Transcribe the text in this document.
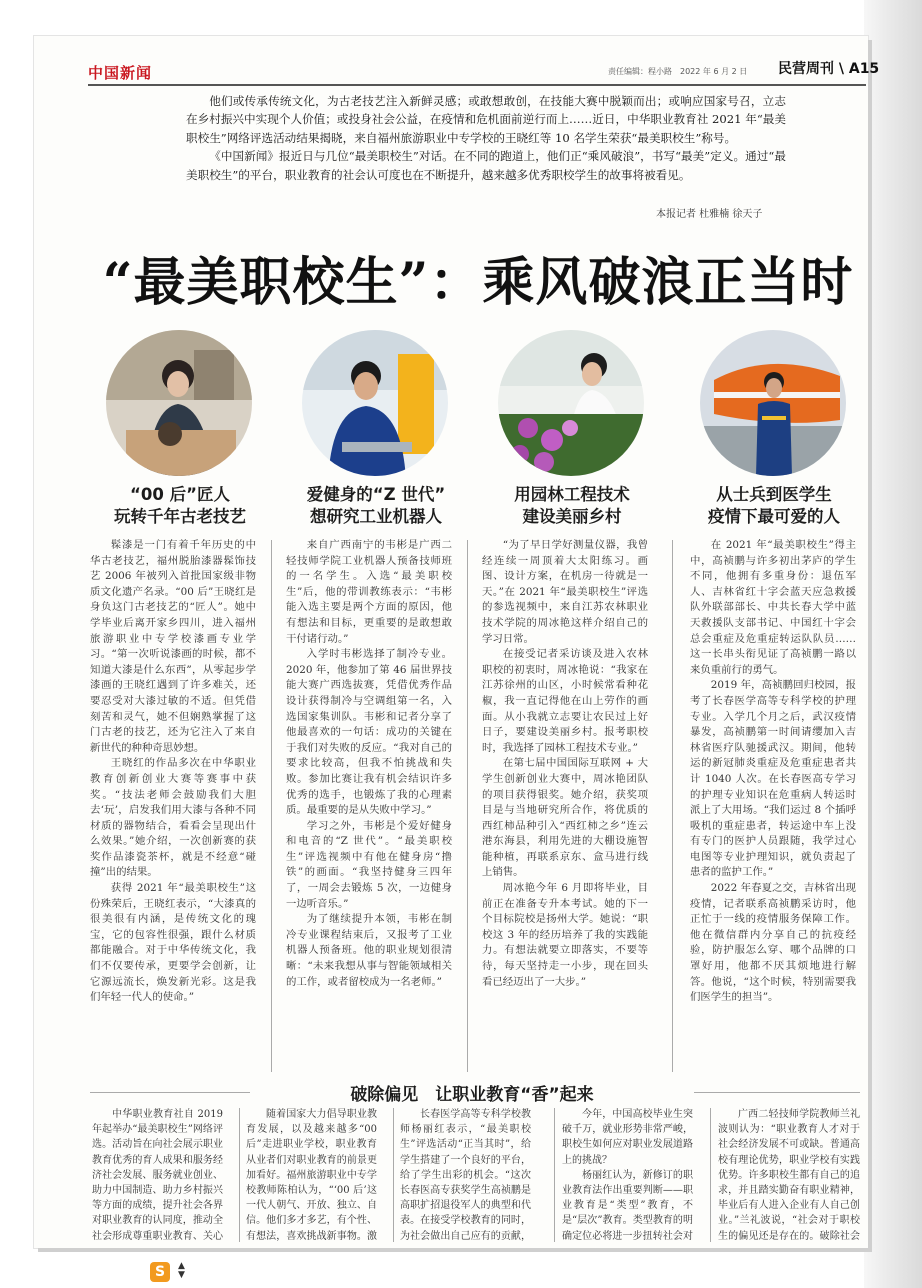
中国新闻	责任编辑：程小路　2022 年 6 月 2 日 民营周刊 \ A15

他们或传承传统文化，为古老技艺注入新鲜灵感；或敢想敢创，在技能大赛中脱颖而出；或响应国家号召，立志在乡村振兴中实现个人价值；或投身社会公益，在疫情和危机面前逆行而上……近日，中华职业教育社 2021 年“最美职校生”网络评选活动结果揭晓，来自福州旅游职业中专学校的王晓红等 10 名学生荣获“最美职校生”称号。

《中国新闻》报近日与几位“最美职校生”对话。在不同的跑道上，他们正“乘风破浪”，书写“最美”定义。通过“最美职校生”的平台，职业教育的社会认可度也在不断提升，越来越多优秀职校学生的故事将被看见。

本报记者 杜雅楠 徐天子
“最美职校生”：乘风破浪正当时
“00 后”匠人
玩转千年古老技艺
爱健身的“Z 世代”
想研究工业机器人
用园林工程技术
建设美丽乡村
从士兵到医学生
疫情下最可爱的人

髹漆是一门有着千年历史的中华古老技艺，福州脱胎漆器髹饰技艺 2006 年被列入首批国家级非物质文化遗产名录。“00 后”王晓红是身负这门古老技艺的“匠人”。她中学毕业后离开家乡四川，进入福州旅游职业中专学校漆画专业学习。“第一次听说漆画的时候，都不知道大漆是什么东西”，从零起步学漆画的王晓红遇到了许多难关，还要忍受对大漆过敏的不适。但凭借刻苦和灵气，她不但娴熟掌握了这门古老的技艺，还为它注入了来自新世代的种种奇思妙想。

王晓红的作品多次在中华职业教育创新创业大赛等赛事中获奖。“技法老师会鼓励我们大胆去‘玩’，启发我们用大漆与各种不同材质的器物结合，看看会呈现出什么效果。”她介绍，一次创新赛的获奖作品漆瓷茶杯，就是不经意“碰撞”出的结果。

获得 2021 年“最美职校生”这份殊荣后，王晓红表示，“大漆真的很美很有内涵，是传统文化的瑰宝，它的包容性很强，跟什么材质都能融合。对于中华传统文化，我们不仅要传承，更要学会创新，让它源远流长，焕发新光彩。这是我们年轻一代人的使命。”

来自广西南宁的韦彬是广西二轻技师学院工业机器人预备技师班的一名学生。入选“最美职校生”后，他的带训教练表示：“韦彬能入选主要是两个方面的原因，他有想法和目标，更重要的是敢想敢干付诸行动。”

入学时韦彬选择了制冷专业。2020 年，他参加了第 46 届世界技能大赛广西选拔赛，凭借优秀作品设计获得制冷与空调组第一名，入选国家集训队。韦彬和记者分享了他最喜欢的一句话：成功的关键在于我们对失败的反应。“我对自己的要求比较高，但我不怕挑战和失败。参加比赛让我有机会结识许多优秀的选手，也锻炼了我的心理素质。最重要的是从失败中学习。”

学习之外，韦彬是个爱好健身和电音的“Z 世代”。“最美职校生”评选视频中有他在健身房“撸铁”的画面。“我坚持健身三四年了，一周会去锻炼 5 次，一边健身一边听音乐。”

为了继续提升本领，韦彬在制冷专业课程结束后，又报考了工业机器人预备班。他的职业规划很清晰：“未来我想从事与智能领域相关的工作，或者留校成为一名老师。”

“为了早日学好测量仪器，我曾经连续一周顶着大太阳练习。画图、设计方案，在机房一待就是一天。”在 2021 年“最美职校生”评选的参选视频中，来自江苏农林职业技术学院的周冰艳这样介绍自己的学习日常。

在接受记者采访谈及进入农林职校的初衷时，周冰艳说：“我家在江苏徐州的山区，小时候常看种花椒，我一直记得他在山上劳作的画面。从小我就立志要让农民过上好日子，要建设美丽乡村。报考职校时，我选择了园林工程技术专业。”

在第七届中国国际互联网 + 大学生创新创业大赛中，周冰艳团队的项目获得银奖。她介绍，获奖项目是与当地研究所合作，将优质的西红柿品种引入“西红柿之乡”连云港东海县，利用先进的大棚设施智能种植，再联系京东、盒马进行线上销售。

周冰艳今年 6 月即将毕业，目前正在准备专升本考试。她的下一个目标院校是扬州大学。她说：“职校这 3 年的经历培养了我的实践能力。有想法就要立即落实，不要等待，每天坚持走一小步，现在回头看已经迈出了一大步。”

在 2021 年“最美职校生”得主中，高祯鹏与许多初出茅庐的学生不同，他拥有多重身份：退伍军人、吉林省红十字会蓝天应急救援队外联部部长、中共长春大学中蓝天救援队支部书记、中国红十字会总会重症及危重症转运队队员……这一长串头衔见证了高祯鹏一路以来负重前行的勇气。

2019 年，高祯鹏回归校园，报考了长春医学高等专科学校的护理专业。入学几个月之后，武汉疫情暴发，高祯鹏第一时间请缨加入吉林省医疗队驰援武汉。期间，他转运的新冠肺炎重症及危重症患者共计 1040 人次。在长春医高专学习的护理专业知识在危重病人转运时派上了大用场。“我们运过 8 个插呼吸机的重症患者，转运途中车上没有专门的医护人员跟随，我学过心电图等专业护理知识，就负责起了患者的监护工作。”

2022 年春夏之交，吉林省出现疫情，记者联系高祯鹏采访时，他正忙于一线的疫情服务保障工作。他在微信群内分享自己的抗疫经验，防护服怎么穿、哪个品牌的口罩好用，他都不厌其烦地进行解答。他说，“这个时候，特别需要我们医学生的担当”。

破除偏见　让职业教育“香”起来

中华职业教育社自 2019 年起举办“最美职校生”网络评选。活动旨在向社会展示职业教育优秀的育人成果和服务经济社会发展、服务就业创业、助力中国制造、助力乡村振兴等方面的成绩，提升社会各界对职业教育的认同度，推动全社会形成尊重职业教育、关心

随着国家大力倡导职业教育发展，以及越来越多“00 后”走进职业学校，职业教育从业者们对职业教育的前景更加看好。福州旅游职业中专学校教师陈柏认为，“‘00 后’这一代人朝气、开放、独立、自信。他们多才多艺，有个性、有想法，喜欢挑战新事物。激

长春医学高等专科学校教师杨丽红表示，“最美职校生”评选活动“正当其时”，给学生搭建了一个良好的平台，给了学生出彩的机会。“这次长春医高专获奖学生高祯鹏是高职扩招退役军人的典型和代表。在接受学校教育的同时，为社会做出自己应有的贡献，

今年，中国高校毕业生突破千万，就业形势非常严峻，职校生如何应对职业发展道路上的挑战？

杨丽红认为，新修订的职业教育法作出重要判断——职业教育是“类型”教育，不是“层次”教育。类型教育的明确定位必将进一步扭转社会对

广西二轻技师学院教师兰礼波则认为：“职业教育人才对于社会经济发展不可或缺。普通高校有理论优势，职业学校有实践优势。许多职校生都有自己的追求，并且踏实勤奋有职业精神，毕业后有人进入企业有人自己创业。”兰礼波说，“社会对于职校生的偏见还是存在的。破除社会

S	▲
▼
